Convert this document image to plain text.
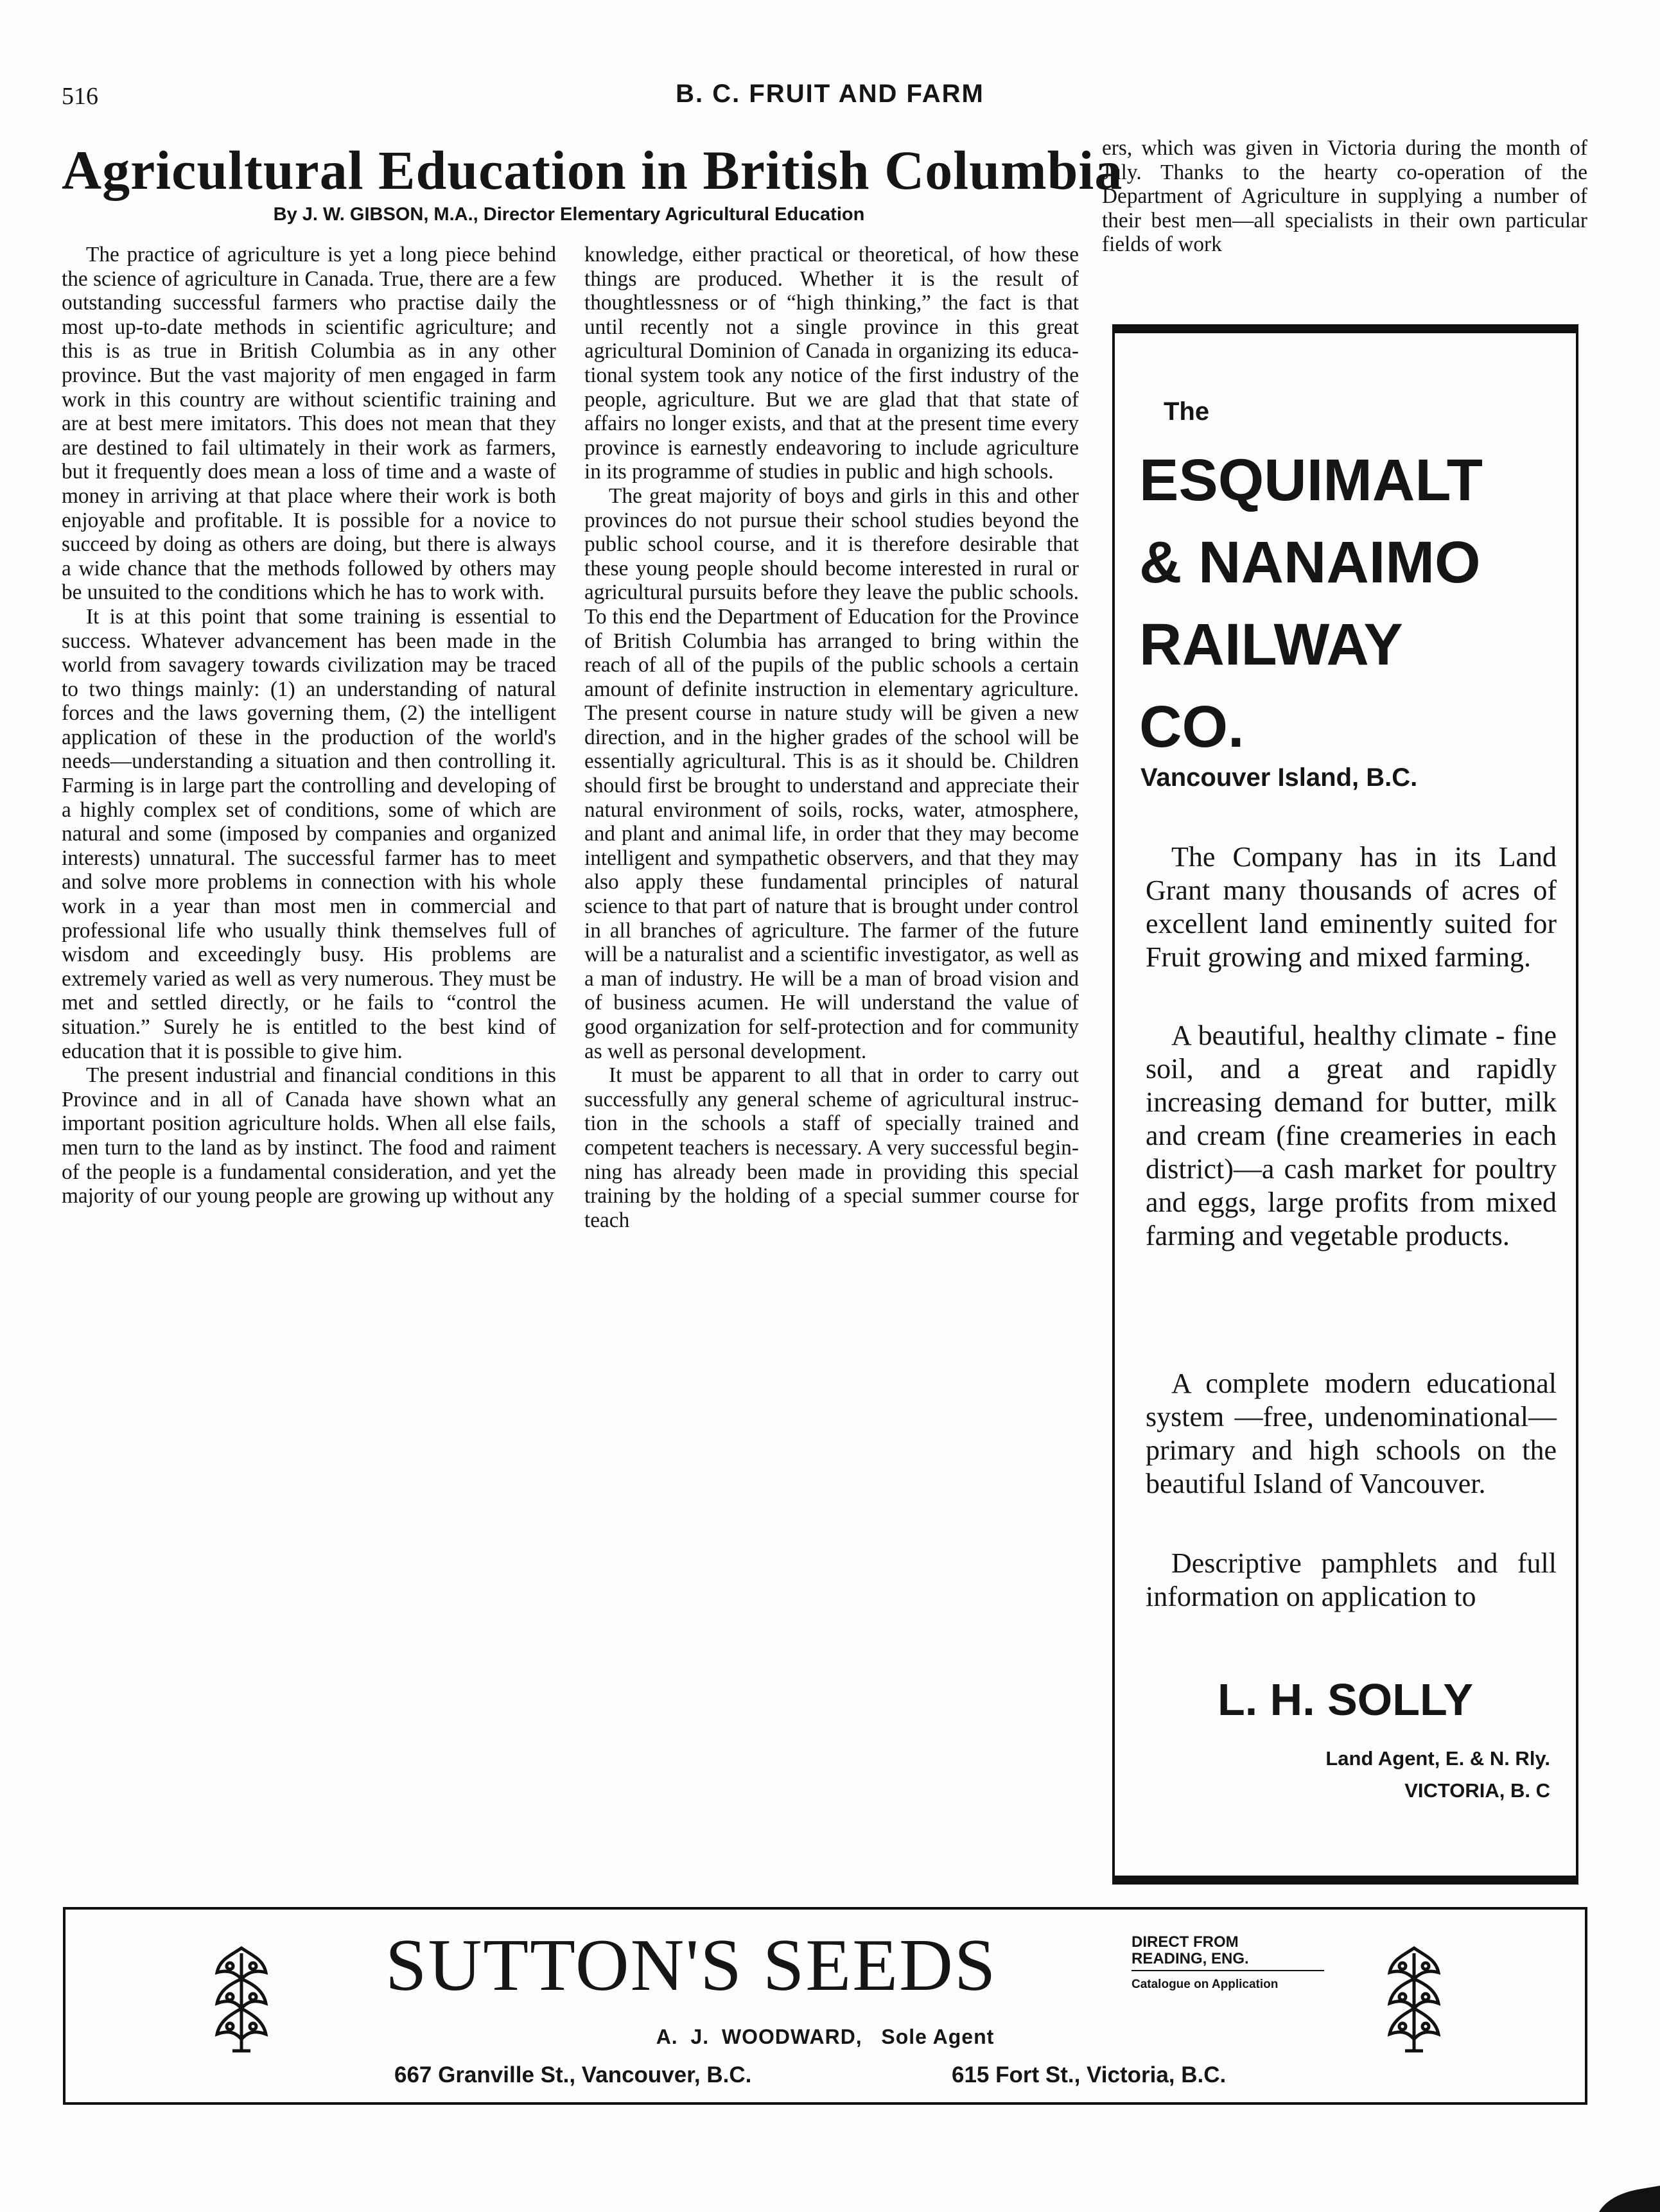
516	B. C. FRUIT AND FARM
Agricultural Education in British Columbia
By J. W. GIBSON, M.A., Director Elementary Agricultural Education

The practice of agriculture is yet a long piece behind the science of agriculture in Canada. True, there are a few outstanding successful farmers who practise daily the most up-to-date methods in scientific agriculture; and this is as true in British Columbia as in any other province. But the vast majority of men engaged in farm work in this country are without scientific training and are at best mere imitators. This does not mean that they are destined to fail ultimately in their work as farmers, but it frequently does mean a loss of time and a waste of money in arriving at that place where their work is both enjoyable and profitable. It is possible for a novice to succeed by doing as others are doing, but there is always a wide chance that the methods followed by others may be unsuited to the conditions which he has to work with.

It is at this point that some training is essential to success. Whatever advancement has been made in the world from savagery towards civilization may be traced to two things mainly: (1) an understanding of natural forces and the laws governing them, (2) the intelligent application of these in the production of the world's needs—understanding a situation and then controlling it. Farming is in large part the controlling and developing of a highly complex set of conditions, some of which are natural and some (imposed by companies and organized interests) unnatural. The successful farmer has to meet and solve more problems in connection with his whole work in a year than most men in commercial and professional life who usually think themselves full of wisdom and exceedingly busy. His problems are extremely varied as well as very numerous. They must be met and settled directly, or he fails to “control the situation.” Surely he is entitled to the best kind of education that it is possible to give him.

The present industrial and financial conditions in this Province and in all of Canada have shown what an important position agriculture holds. When all else fails, men turn to the land as by instinct. The food and raiment of the people is a fundamental consideration, and yet the majority of our young people are growing up without any

knowledge, either practical or theoretical, of how these things are produced. Whether it is the result of thoughtlessness or of “high thinking,” the fact is that until recently not a single province in this great agricultural Dominion of Canada in organizing its educational system took any notice of the first industry of the people, agriculture. But we are glad that that state of affairs no longer exists, and that at the present time every province is earnestly endeavoring to include agriculture in its programme of studies in public and high schools.

The great majority of boys and girls in this and other provinces do not pursue their school studies beyond the public school course, and it is therefore desirable that these young people should become interested in rural or agricultural pursuits before they leave the public schools. To this end the Department of Education for the Province of British Columbia has arranged to bring within the reach of all of the pupils of the public schools a certain amount of definite instruction in elementary agriculture. The present course in nature study will be given a new direction, and in the higher grades of the school will be essentially agricultural. This is as it should be. Children should first be brought to understand and appreciate their natural environment of soils, rocks, water, atmosphere, and plant and animal life, in order that they may become intelligent and sympathetic observers, and that they may also apply these fundamental principles of natural science to that part of nature that is brought under control in all branches of agriculture. The farmer of the future will be a naturalist and a scientific investigator, as well as a man of industry. He will be a man of broad vision and of business acumen. He will understand the value of good organization for self-protection and for community as well as personal development.

It must be apparent to all that in order to carry out successfully any general scheme of agricultural instruction in the schools a staff of specially trained and competent teachers is necessary. A very successful beginning has already been made in providing this special training by the holding of a special summer course for teach

ers, which was given in Victoria during the month of July. Thanks to the hearty co-operation of the Department of Agriculture in supplying a number of their best men—all specialists in their own particular fields of work

The
ESQUIMALT
& NANAIMO
RAILWAY
CO.
Vancouver Island, B.C.
The Company has in its Land Grant many thousands of acres of excellent land eminently suited for Fruit growing and mixed farming.
A beautiful, healthy climate - fine soil, and a great and rapidly increasing demand for butter, milk and cream (fine creameries in each district)—a cash market for poultry and eggs, large profits from mixed farming and vegetable products.
A complete modern educational system —free, undenominational—primary and high schools on the beautiful Island of Vancouver.
Descriptive pamphlets and full information on application to
L. H. SOLLY
Land Agent, E. & N. Rly.
VICTORIA, B. C
SUTTON'S SEEDS	DIRECT FROM
READING, ENG.
Catalogue on Application
A.  J.  WOODWARD,   Sole Agent
667 Granville St., Vancouver, B.C.	615 Fort St., Victoria, B.C.
